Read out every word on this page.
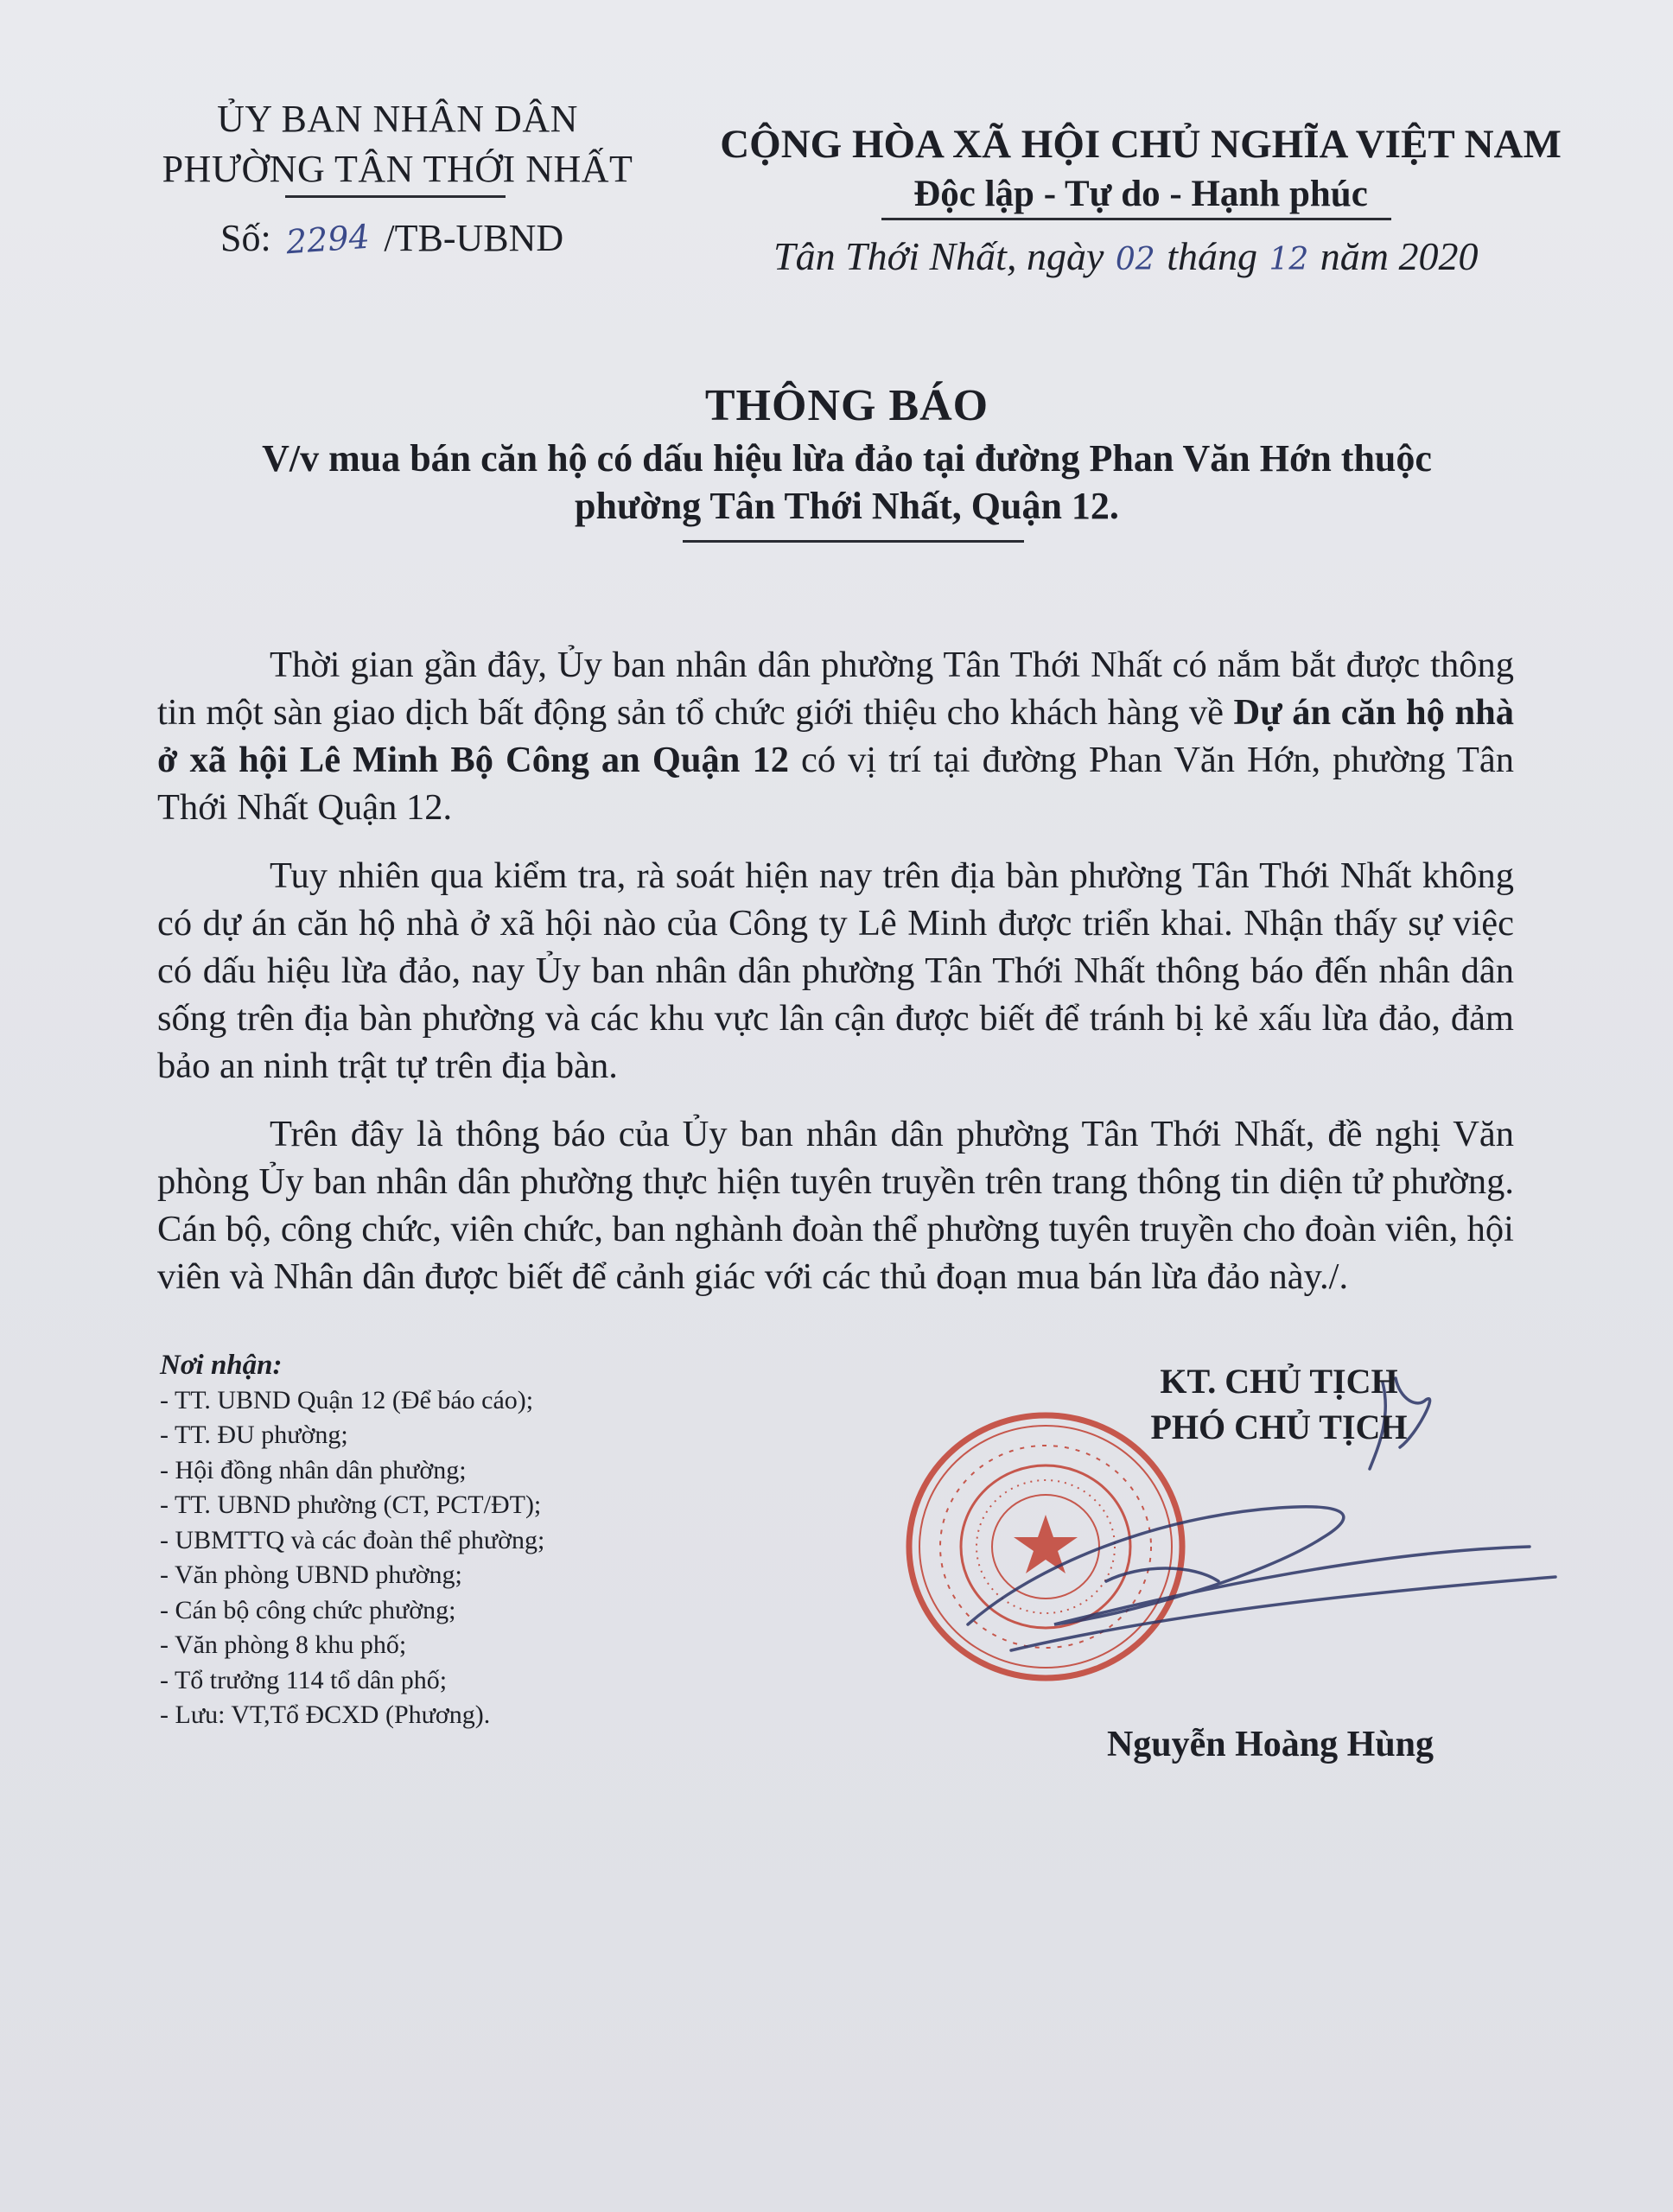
ỦY BAN NHÂN DÂN
PHƯỜNG TÂN THỚI NHẤT
Số: 2294 /TB-UBND
CỘNG HÒA XÃ HỘI CHỦ NGHĨA VIỆT NAM
Độc lập - Tự do - Hạnh phúc
Tân Thới Nhất, ngày 02 tháng 12 năm 2020
THÔNG BÁO
V/v mua bán căn hộ có dấu hiệu lừa đảo tại đường Phan Văn Hớn thuộc
phường Tân Thới Nhất, Quận 12.

Thời gian gần đây, Ủy ban nhân dân phường Tân Thới Nhất có nắm bắt được thông tin một sàn giao dịch bất động sản tổ chức giới thiệu cho khách hàng về Dự án căn hộ nhà ở xã hội Lê Minh Bộ Công an Quận 12 có vị trí tại đường Phan Văn Hớn, phường Tân Thới Nhất Quận 12.

Tuy nhiên qua kiểm tra, rà soát hiện nay trên địa bàn phường Tân Thới Nhất không có dự án căn hộ nhà ở xã hội nào của Công ty Lê Minh được triển khai. Nhận thấy sự việc có dấu hiệu lừa đảo, nay Ủy ban nhân dân phường Tân Thới Nhất thông báo đến nhân dân sống trên địa bàn phường và các khu vực lân cận được biết để tránh bị kẻ xấu lừa đảo, đảm bảo an ninh trật tự trên địa bàn.

Trên đây là thông báo của Ủy ban nhân dân phường Tân Thới Nhất, đề nghị Văn phòng Ủy ban nhân dân phường thực hiện tuyên truyền trên trang thông tin diện tử phường. Cán bộ, công chức, viên chức, ban nghành đoàn thể phường tuyên truyền cho đoàn viên, hội viên và Nhân dân được biết để cảnh giác với các thủ đoạn mua bán lừa đảo này./.

Nơi nhận:
- TT. UBND Quận 12 (Để báo cáo);
- TT. ĐU phường;
- Hội đồng nhân dân phường;
- TT. UBND phường (CT, PCT/ĐT);
- UBMTTQ và các đoàn thể phường;
- Văn phòng UBND phường;
- Cán bộ công chức phường;
- Văn phòng 8 khu phố;
- Tổ trưởng 114 tổ dân phố;
- Lưu: VT,Tổ ĐCXD (Phương).
KT. CHỦ TỊCH
PHÓ CHỦ TỊCH
Nguyễn Hoàng Hùng
